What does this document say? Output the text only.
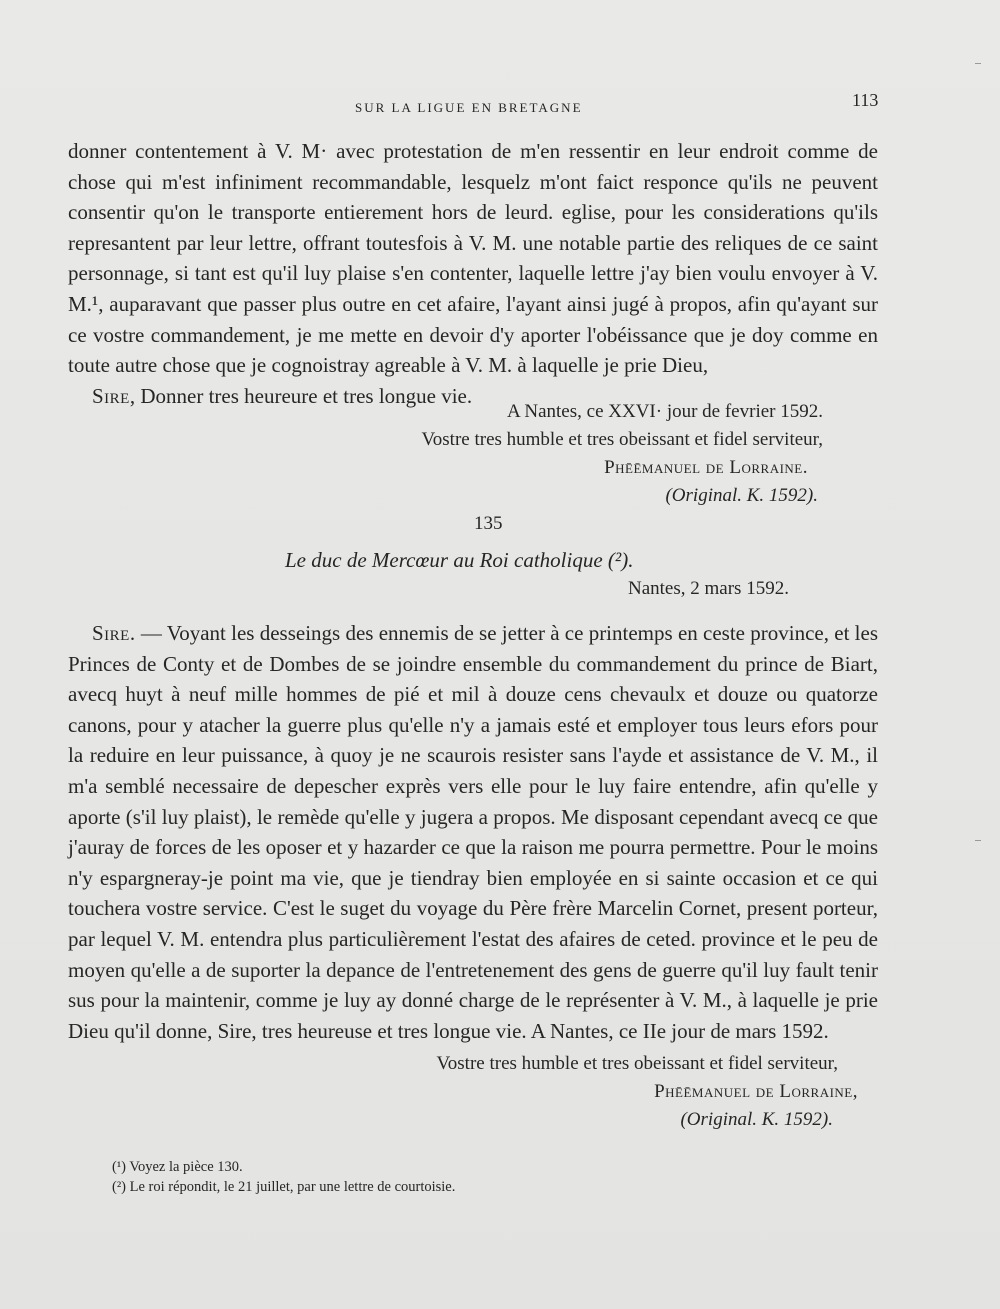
SUR LA LIGUE EN BRETAGNE	113

donner contentement à V. M· avec protestation de m'en ressentir en leur endroit comme de chose qui m'est infiniment recommandable, lesquelz m'ont faict responce qu'ils ne peuvent consentir qu'on le transporte entierement hors de leurd. eglise, pour les considerations qu'ils represantent par leur lettre, offrant toutesfois à V. M. une notable partie des reliques de ce saint personnage, si tant est qu'il luy plaise s'en contenter, laquelle lettre j'ay bien voulu envoyer à V. M.¹, auparavant que passer plus outre en cet afaire, l'ayant ainsi jugé à propos, afin qu'ayant sur ce vostre commandement, je me mette en devoir d'y aporter l'obéissance que je doy comme en toute autre chose que je cognoistray agreable à V. M. à laquelle je prie Dieu,

Sire, Donner tres heureure et tres longue vie.

A Nantes, ce XXVI· jour de fevrier 1592.

Vostre tres humble et tres obeissant et fidel serviteur,

Phēēmanuel de Lorraine.

(Original. K. 1592).

135
Le duc de Mercœur au Roi catholique (²).
Nantes, 2 mars 1592.

Sire. — Voyant les desseings des ennemis de se jetter à ce printemps en ceste province, et les Princes de Conty et de Dombes de se joindre ensemble du commandement du prince de Biart, avecq huyt à neuf mille hommes de pié et mil à douze cens chevaulx et douze ou quatorze canons, pour y atacher la guerre plus qu'elle n'y a jamais esté et employer tous leurs efors pour la reduire en leur puissance, à quoy je ne scaurois resister sans l'ayde et assistance de V. M., il m'a semblé necessaire de depescher exprès vers elle pour le luy faire entendre, afin qu'elle y aporte (s'il luy plaist), le remède qu'elle y jugera a propos. Me disposant cependant avecq ce que j'auray de forces de les oposer et y hazarder ce que la raison me pourra permettre. Pour le moins n'y espargneray-je point ma vie, que je tiendray bien employée en si sainte occasion et ce qui touchera vostre service. C'est le suget du voyage du Père frère Marcelin Cornet, present porteur, par lequel V. M. entendra plus particulièrement l'estat des afaires de ceted. province et le peu de moyen qu'elle a de suporter la depance de l'entretenement des gens de guerre qu'il luy fault tenir sus pour la maintenir, comme je luy ay donné charge de le représenter à V. M., à laquelle je prie Dieu qu'il donne, Sire, tres heureuse et tres longue vie. A Nantes, ce IIe jour de mars 1592.

Vostre tres humble et tres obeissant et fidel serviteur,

Phēēmanuel de Lorraine,

(Original. K. 1592).

(¹) Voyez la pièce 130.

(²) Le roi répondit, le 21 juillet, par une lettre de courtoisie.
